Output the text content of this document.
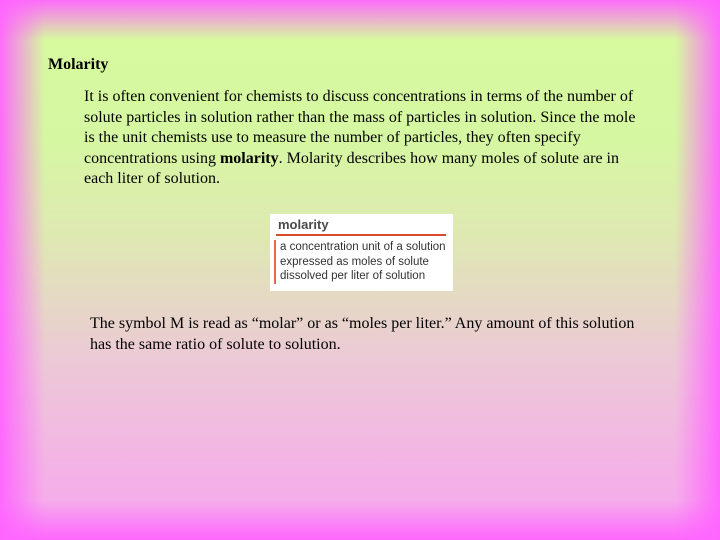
Molarity

It is often convenient for chemists to discuss concentrations in terms of the number of solute particles in solution rather than the mass of particles in solution. Since the mole is the unit chemists use to measure the number of particles, they often specify concentrations using molarity. Molarity describes how many moles of solute are in each liter of solution.

molarity
a concentration unit of a solution
expressed as moles of solute
dissolved per liter of solution

The symbol M is read as “molar” or as “moles per liter.” Any amount of this solution has the same ratio of solute to solution.
